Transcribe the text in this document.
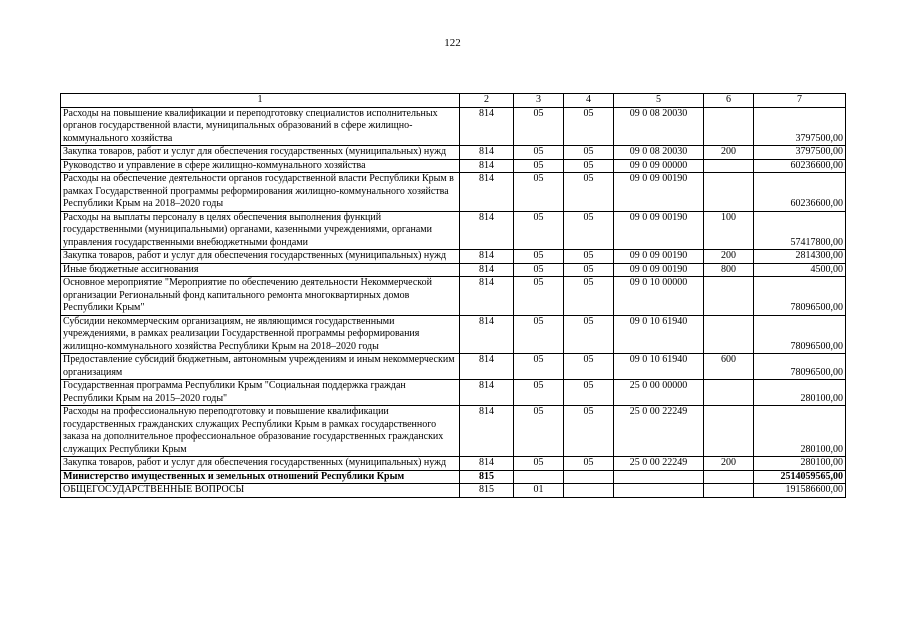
122
1	2	3	4	5	6	7
Расходы на повышение квалификации и переподготовку специалистов исполнительных органов государственной власти, муниципальных образований в сфере жилищно-коммунального хозяйства	814	05	05	09 0 08 20030		3797500,00
Закупка товаров, работ и услуг для обеспечения государственных (муниципальных) нужд	814	05	05	09 0 08 20030	200	3797500,00
Руководство и управление в сфере жилищно-коммунального хозяйства	814	05	05	09 0 09 00000		60236600,00
Расходы на обеспечение деятельности органов государственной власти Республики Крым в рамках Государственной программы реформирования жилищно-коммунального хозяйства Республики Крым на 2018–2020 годы	814	05	05	09 0 09 00190		60236600,00
Расходы на выплаты персоналу в целях обеспечения выполнения функций государственными (муниципальными) органами, казенными учреждениями, органами управления государственными внебюджетными фондами	814	05	05	09 0 09 00190	100	57417800,00
Закупка товаров, работ и услуг для обеспечения государственных (муниципальных) нужд	814	05	05	09 0 09 00190	200	2814300,00
Иные бюджетные ассигнования	814	05	05	09 0 09 00190	800	4500,00
Основное мероприятие "Мероприятие по обеспечению деятельности Некоммерческой организации Региональный фонд капитального ремонта многоквартирных домов Республики Крым"	814	05	05	09 0 10 00000		78096500,00
Субсидии некоммерческим организациям, не являющимся государственными учреждениями, в рамках реализации Государственной программы реформирования жилищно-коммунального хозяйства Республики Крым на 2018–2020 годы	814	05	05	09 0 10 61940		78096500,00
Предоставление субсидий бюджетным, автономным учреждениям и иным некоммерческим организациям	814	05	05	09 0 10 61940	600	78096500,00
Государственная программа Республики Крым "Социальная поддержка граждан Республики Крым на 2015–2020 годы"	814	05	05	25 0 00 00000		280100,00
Расходы на профессиональную переподготовку и повышение квалификации государственных гражданских служащих Республики Крым в рамках государственного заказа на дополнительное профессиональное образование государственных гражданских служащих Республики Крым	814	05	05	25 0 00 22249		280100,00
Закупка товаров, работ и услуг для обеспечения государственных (муниципальных) нужд	814	05	05	25 0 00 22249	200	280100,00
Министерство имущественных и земельных отношений Республики Крым	815					2514059565,00
ОБЩЕГОСУДАРСТВЕННЫЕ ВОПРОСЫ	815	01				191586600,00
